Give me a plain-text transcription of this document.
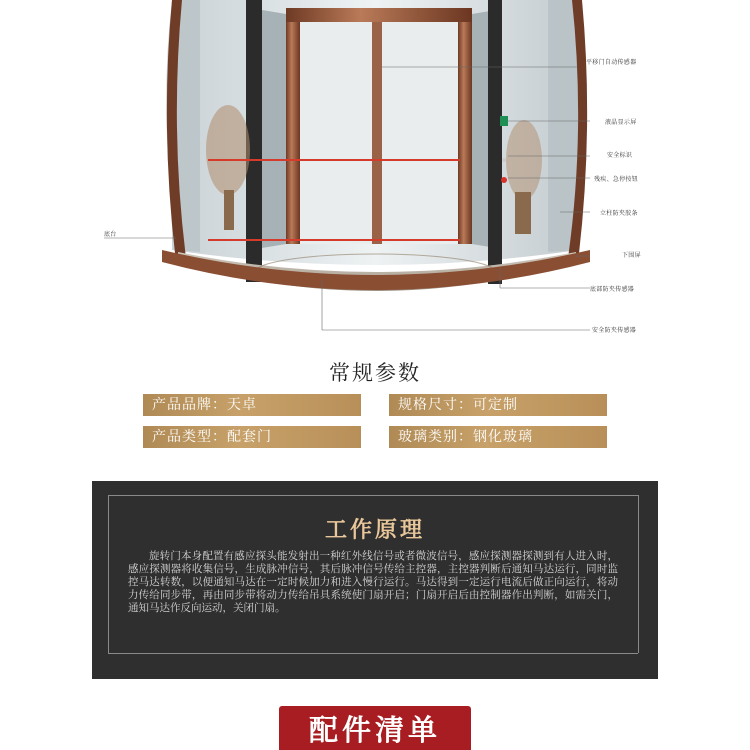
平移门自动传感器
液晶显示屏
安全标识
残疾、急停按钮
立柱防夹胶条
下围屏
底部防夹传感器
安全防夹传感器
底台
常规参数
产品品牌：天卓	规格尺寸：可定制
产品类型：配套门	玻璃类别：钢化玻璃
工作原理
旋转门本身配置有感应探头能发射出一种红外线信号或者微波信号，感应探测器探测到有人进入时，感应探测器将收集信号，生成脉冲信号，其后脉冲信号传给主控器，主控器判断后通知马达运行，同时监控马达转数，以便通知马达在一定时候加力和进入慢行运行。马达得到一定运行电流后做正向运行，将动力传给同步带，再由同步带将动力传给吊具系统使门扇开启；门扇开启后由控制器作出判断，如需关门，通知马达作反向运动，关闭门扇。
配件清单
